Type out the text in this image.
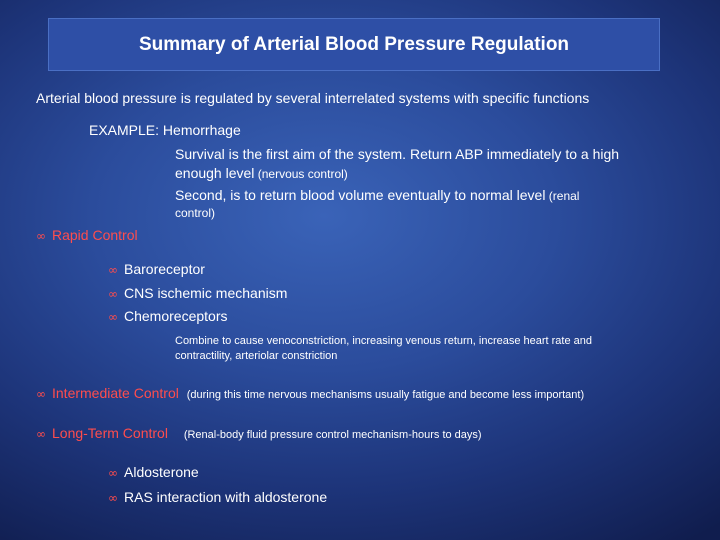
Summary of Arterial Blood Pressure Regulation
Arterial blood pressure is regulated by several interrelated systems with specific functions
EXAMPLE: Hemorrhage
Survival is the first aim of the system. Return ABP immediately to a high
enough level (nervous control)
Second, is to return blood volume eventually to normal level (renal
control)
∞ Rapid Control
∞ Baroreceptor
∞ CNS ischemic mechanism
∞ Chemoreceptors
Combine to cause venoconstriction, increasing venous return, increase heart rate and
contractility, arteriolar constriction
∞ Intermediate Control (during this time nervous mechanisms usually fatigue and become less important)
∞ Long-Term Control (Renal-body fluid pressure control mechanism-hours to days)
∞ Aldosterone
∞ RAS interaction with aldosterone
